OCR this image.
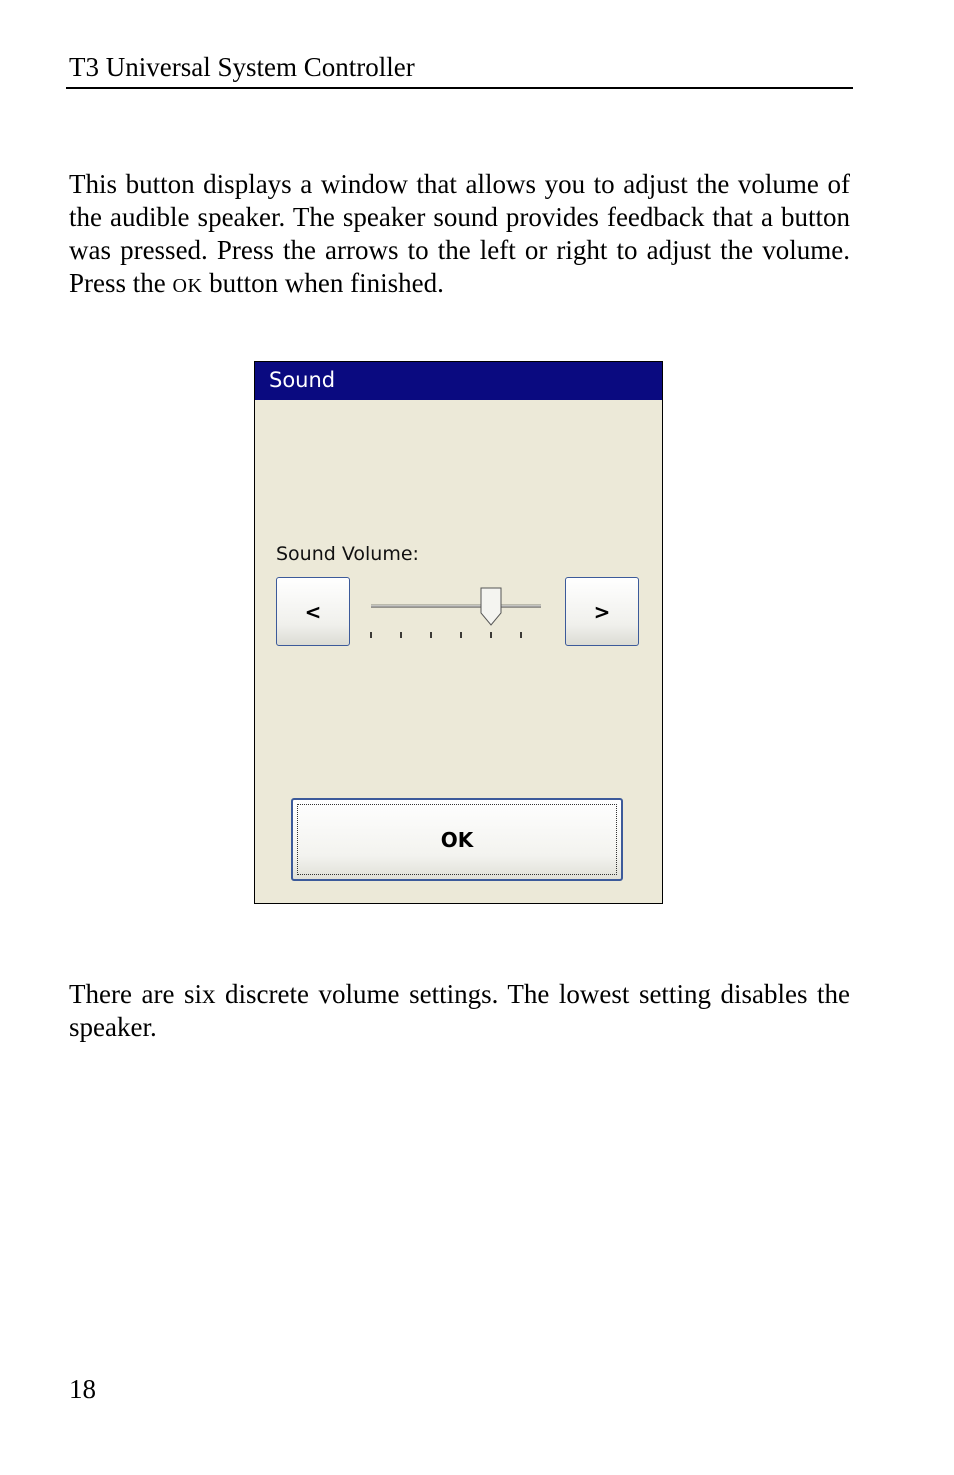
T3 Universal System Controller

This button displays a window that allows you to adjust the volume of the audible speaker. The speaker sound provides feedback that a button was pressed. Press the arrows to the left or right to adjust the volume. Press the OK button when finished.

Sound
Sound Volume:
<	>
OK

There are six discrete volume settings. The lowest setting disables the speaker.

18
